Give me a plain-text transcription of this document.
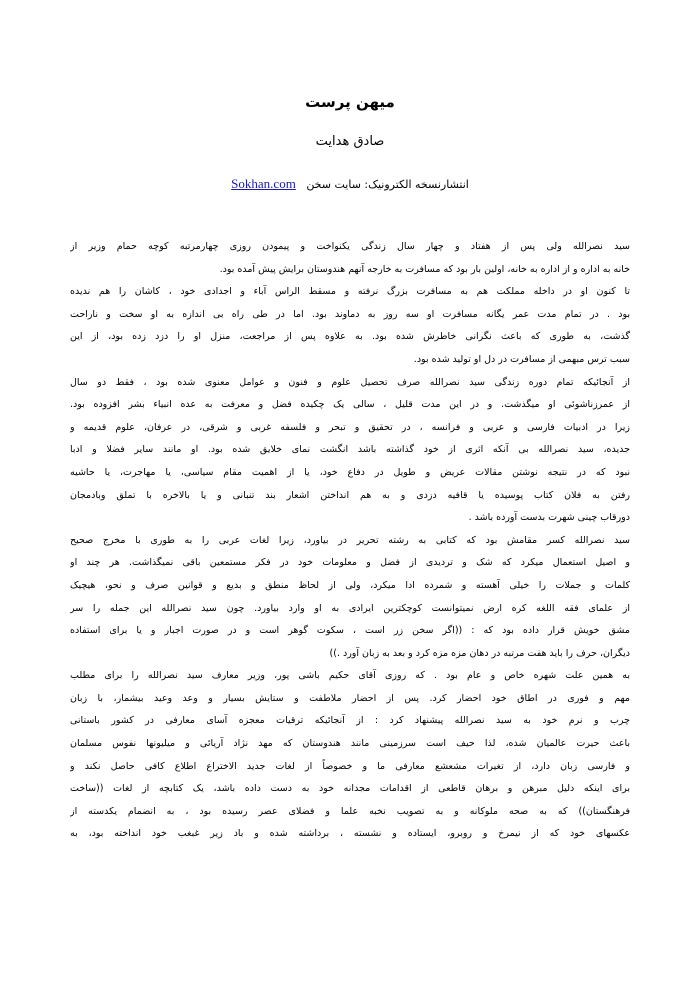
میهن پرست
صادق هدایت
انتشارنسخه الکترونیک: سایت سخن   Sokhan.com
سید نصرالله ولی پس از هفتاد و چهار سال زندگی یکنواخت و پیمودن روزی چهارمرتبه کوچه حمام وزیر از
خانه به اداره و از اداره به خانه، اولین بار بود که مسافرت به خارجه آنهم هندوستان برایش پیش آمده بود.
تا کنون او در داخله مملکت هم به مسافرت بزرگ نرفته و مسقط الراس آباء و اجدادی خود ، کاشان را هم ندیده
بود . در تمام مدت عمر یگانه مسافرت او سه روز به دماوند بود. اما در طی راه بی اندازه به او سخت و ناراحت
گذشت، به طوری که باعث نگرانی خاطرش شده بود. به علاوه پس از مراجعت، منزل او را دزد زده بود، از این
سبب ترس مبهمی از مسافرت در دل او تولید شده بود.
از آنجائیکه تمام دوره زندگی سید نصرالله صرف تحصیل علوم و فنون و عوامل معنوی شده بود ، فقط دو سال
از عمرزناشوئی او میگذشت. و در این مدت قلیل ، سالی یک چکیده فضل و معرفت به عده انبیاء بشر افزوده بود.
زیرا در ادبیات فارسی و عربی و فرانسه ، در تحقیق و تبحر و فلسفه غربی و شرقی، در عرفان، علوم قدیمه و
جدیده، سید نصرالله بی آنکه اثری از خود گذاشته باشد انگشت نمای خلایق شده بود. او مانند سایر فضلا و ادبا
نبود که در نتیجه نوشتن مقالات عریض و طویل در دفاع خود، یا از اهمیت مقام سیاسی، یا مهاجرت، یا حاشیه
رفتن به فلان کتاب پوسیده یا قافیه دزدی و به هم انداختن اشعار بند تنبانی و یا بالاخره با تملق وبادمجان
دورقاب چینی شهرت بدست آورده باشد .
سید نصرالله کسر مقامش بود که کتابی به رشته تحریر در بیاورد، زیرا لغات عربی را به طوری با مخرج صحیح
و اصیل استعمال میکرد که شک و تردیدی از فضل و معلومات خود در فکر مستمعین باقی نمیگذاشت. هر چند او
کلمات و جملات را خیلی آهسته و شمرده ادا میکرد، ولی از لحاظ منطق و بدیع و قوانین صرف و نحو، هیچیک
از علمای فقه اللغه کره ارض نمیتوانست کوچکترین ایرادی به او وارد بیاورد. چون سید نصرالله این جمله را سر
مشق خویش قرار داده بود که : ((اگر سخن زر است ، سکوت گوهر است و در صورت اجبار و یا برای استفاده
دیگران، حرف را باید هفت مرتبه در دهان مزه مزه کرد و بعد به زبان آورد .))
به همین علت شهره خاص و عام بود . که روزی آقای حکیم باشی پور، وزیر معارف سید نصرالله را برای مطلب
مهم و فوری در اطاق خود احضار کرد. پس از احضار ملاطفت و ستایش بسیار و وعد وعید بیشمار، با زبان
چرب و نرم خود به سید نصرالله پیشنهاد کرد : از آنجائیکه ترقیات معجزه آسای معارفی در کشور باستانی
باعث حیرت عالمیان شده، لذا حیف است سرزمینی مانند هندوستان که مهد نژاد آریائی و میلیونها نفوس مسلمان
و فارسی زبان دارد، از تغیرات مشعشع معارفی ما و خصوصاً از لغات جدید الاختراع اطلاع کافی حاصل نکند و
برای اینکه دلیل مبرهن و برهان قاطعی از اقدامات مجدانه خود به دست داده باشد، یک کتابچه از لغات ((ساخت
فرهنگستان)) که به صحه ملوکانه و به تصویب نخبه علما و فضلای عصر رسیده بود ، به انضمام یکدسته از
عکسهای خود که از نیمرخ و روبرو، ایستاده و نشسته ، برداشته شده و باد زیر غبغب خود انداخته بود، به
